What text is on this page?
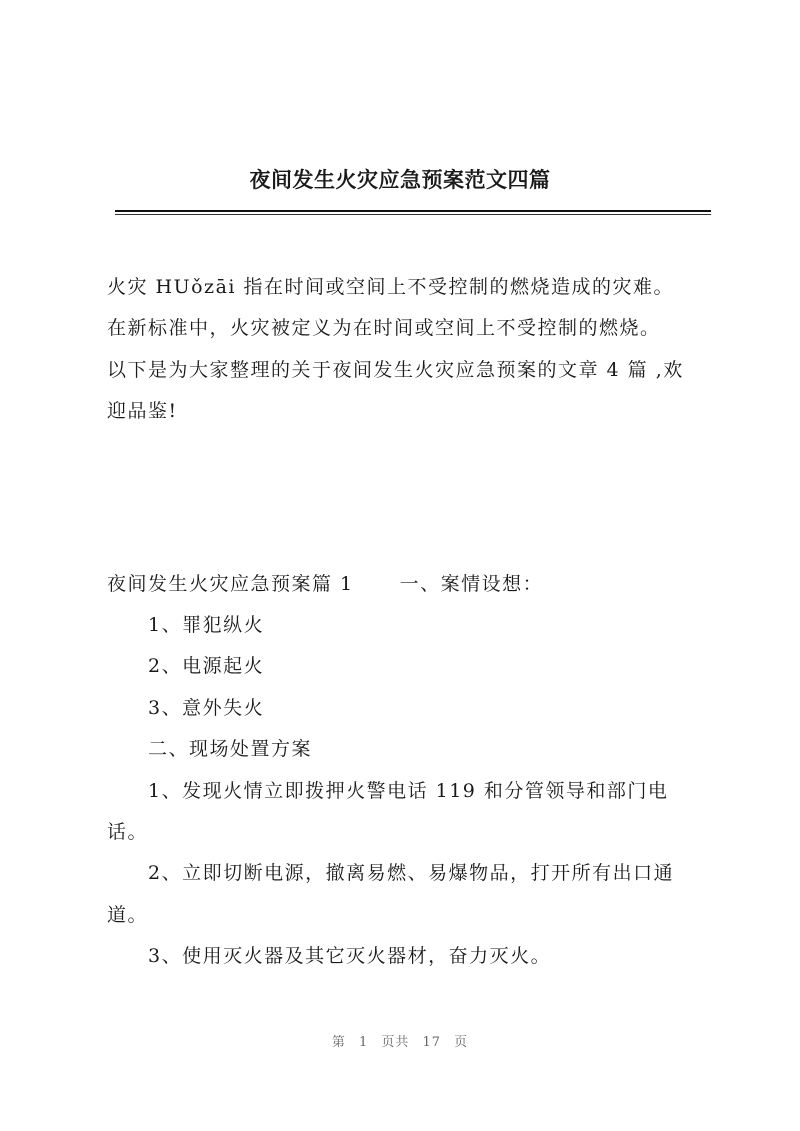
夜间发生火灾应急预案范文四篇

火灾 HUǒzāi 指在时间或空间上不受控制的燃烧造成的灾难。

在新标准中，火灾被定义为在时间或空间上不受控制的燃烧。

以下是为大家整理的关于夜间发生火灾应急预案的文章 4 篇 ,欢

迎品鉴!

夜间发生火灾应急预案篇 1 一、案情设想：

1、罪犯纵火

2、电源起火

3、意外失火

二、现场处置方案

1、发现火情立即拨押火警电话 119 和分管领导和部门电

话。

2、立即切断电源，撤离易燃、易爆物品，打开所有出口通

道。

3、使用灭火器及其它灭火器材，奋力灭火。

第 1 页共 17 页
